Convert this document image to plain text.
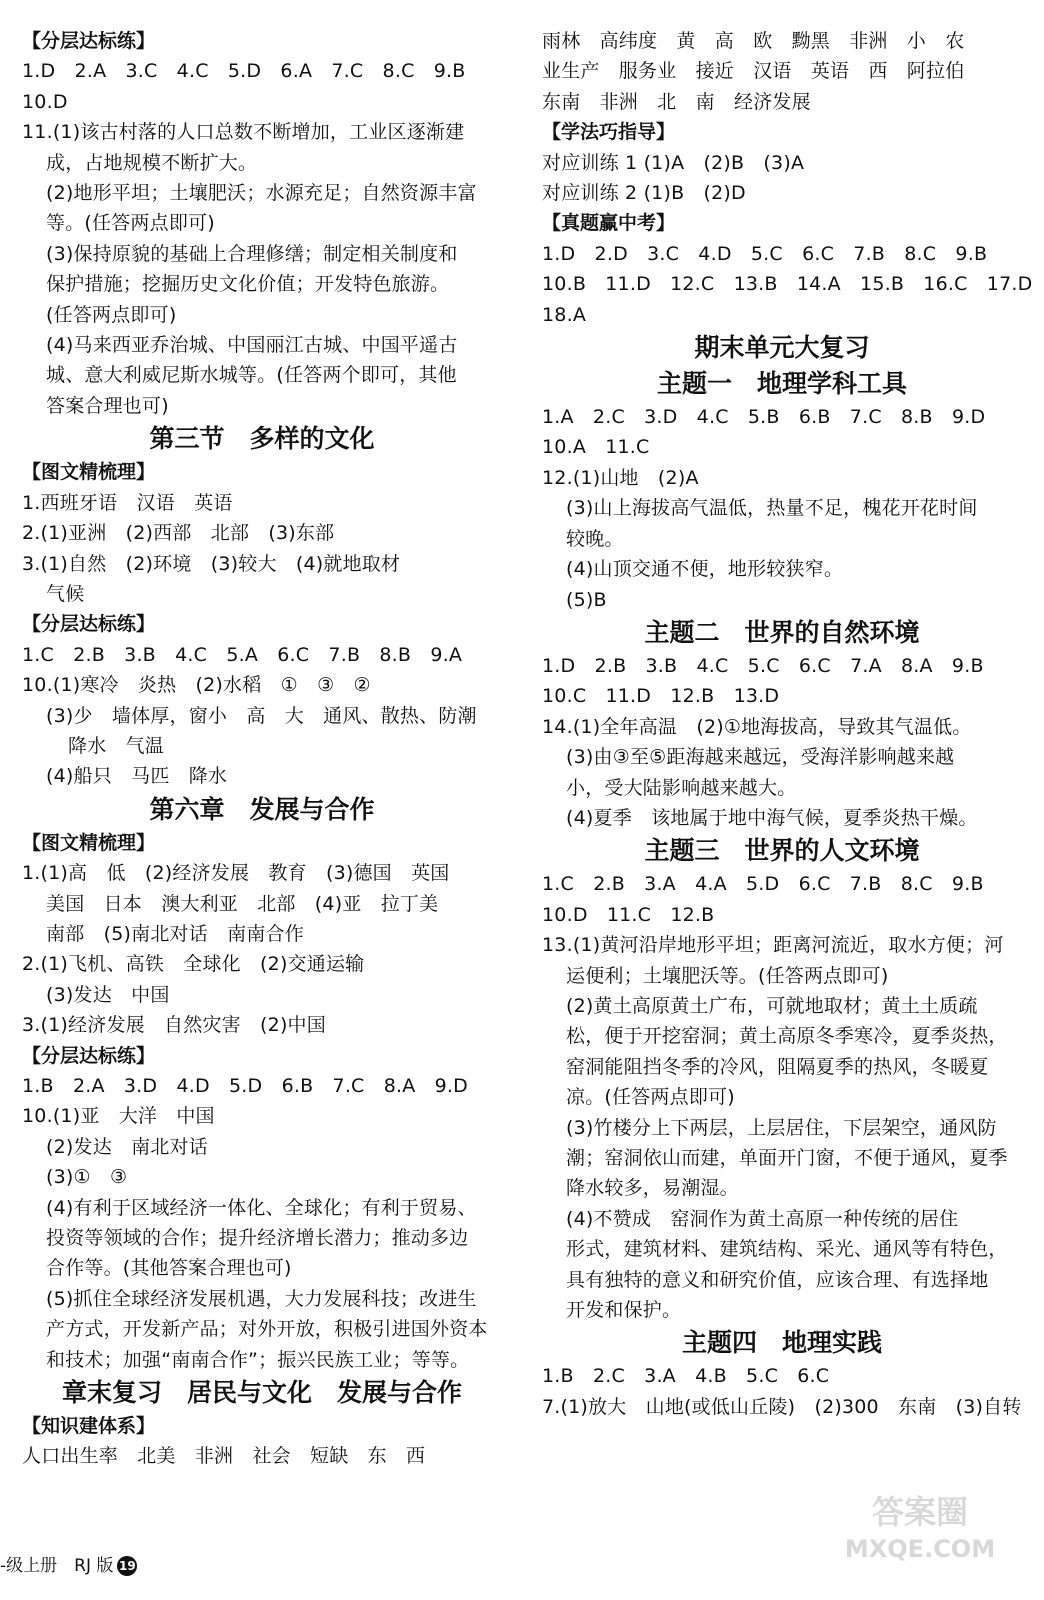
【分层达标练】
1.D　2.A　3.C　4.C　5.D　6.A　7.C　8.C　9.B
10.D
11.(1)该古村落的人口总数不断增加，工业区逐渐建
成，占地规模不断扩大。
(2)地形平坦；土壤肥沃；水源充足；自然资源丰富
等。(任答两点即可)
(3)保持原貌的基础上合理修缮；制定相关制度和
保护措施；挖掘历史文化价值；开发特色旅游。
(任答两点即可)
(4)马来西亚乔治城、中国丽江古城、中国平遥古
城、意大利威尼斯水城等。(任答两个即可，其他
答案合理也可)
第三节　多样的文化
【图文精梳理】
1.西班牙语　汉语　英语
2.(1)亚洲　(2)西部　北部　(3)东部
3.(1)自然　(2)环境　(3)较大　(4)就地取材
气候
【分层达标练】
1.C　2.B　3.B　4.C　5.A　6.C　7.B　8.B　9.A
10.(1)寒冷　炎热　(2)水稻　①　③　②
(3)少　墙体厚，窗小　高　大　通风、散热、防潮
降水　气温
(4)船只　马匹　降水
第六章　发展与合作
【图文精梳理】
1.(1)高　低　(2)经济发展　教育　(3)德国　英国
美国　日本　澳大利亚　北部　(4)亚　拉丁美
南部　(5)南北对话　南南合作
2.(1)飞机、高铁　全球化　(2)交通运输
(3)发达　中国
3.(1)经济发展　自然灾害　(2)中国
【分层达标练】
1.B　2.A　3.D　4.D　5.D　6.B　7.C　8.A　9.D
10.(1)亚　大洋　中国
(2)发达　南北对话
(3)①　③
(4)有利于区域经济一体化、全球化；有利于贸易、
投资等领域的合作；提升经济增长潜力；推动多边
合作等。(其他答案合理也可)
(5)抓住全球经济发展机遇，大力发展科技；改进生
产方式，开发新产品；对外开放，积极引进国外资本
和技术；加强“南南合作”；振兴民族工业；等等。
章末复习　居民与文化　发展与合作
【知识建体系】
人口出生率　北美　非洲　社会　短缺　东　西
雨林　高纬度　黄　高　欧　黝黑　非洲　小　农
业生产　服务业　接近　汉语　英语　西　阿拉伯
东南　非洲　北　南　经济发展
【学法巧指导】
对应训练 1 (1)A　(2)B　(3)A
对应训练 2 (1)B　(2)D
【真题赢中考】
1.D　2.D　3.C　4.D　5.C　6.C　7.B　8.C　9.B
10.B　11.D　12.C　13.B　14.A　15.B　16.C　17.D
18.A
期末单元大复习
主题一　地理学科工具
1.A　2.C　3.D　4.C　5.B　6.B　7.C　8.B　9.D
10.A　11.C
12.(1)山地　(2)A
(3)山上海拔高气温低，热量不足，槐花开花时间
较晚。
(4)山顶交通不便，地形较狭窄。
(5)B
主题二　世界的自然环境
1.D　2.B　3.B　4.C　5.C　6.C　7.A　8.A　9.B
10.C　11.D　12.B　13.D
14.(1)全年高温　(2)①地海拔高，导致其气温低。
(3)由③至⑤距海越来越远，受海洋影响越来越
小，受大陆影响越来越大。
(4)夏季　该地属于地中海气候，夏季炎热干燥。
主题三　世界的人文环境
1.C　2.B　3.A　4.A　5.D　6.C　7.B　8.C　9.B
10.D　11.C　12.B
13.(1)黄河沿岸地形平坦；距离河流近，取水方便；河
运便利；土壤肥沃等。(任答两点即可)
(2)黄土高原黄土广布，可就地取材；黄土土质疏
松，便于开挖窑洞；黄土高原冬季寒冷，夏季炎热，
窑洞能阻挡冬季的冷风，阻隔夏季的热风，冬暖夏
凉。(任答两点即可)
(3)竹楼分上下两层，上层居住，下层架空，通风防
潮；窑洞依山而建，单面开门窗，不便于通风，夏季
降水较多，易潮湿。
(4)不赞成　窑洞作为黄土高原一种传统的居住
形式，建筑材料、建筑结构、采光、通风等有特色，
具有独特的意义和研究价值，应该合理、有选择地
开发和保护。
主题四　地理实践
1.B　2.C　3.A　4.B　5.C　6.C
7.(1)放大　山地(或低山丘陵)　(2)300　东南　(3)自转
-级上册　RJ 版 19
答案圈
MXQE.COM
